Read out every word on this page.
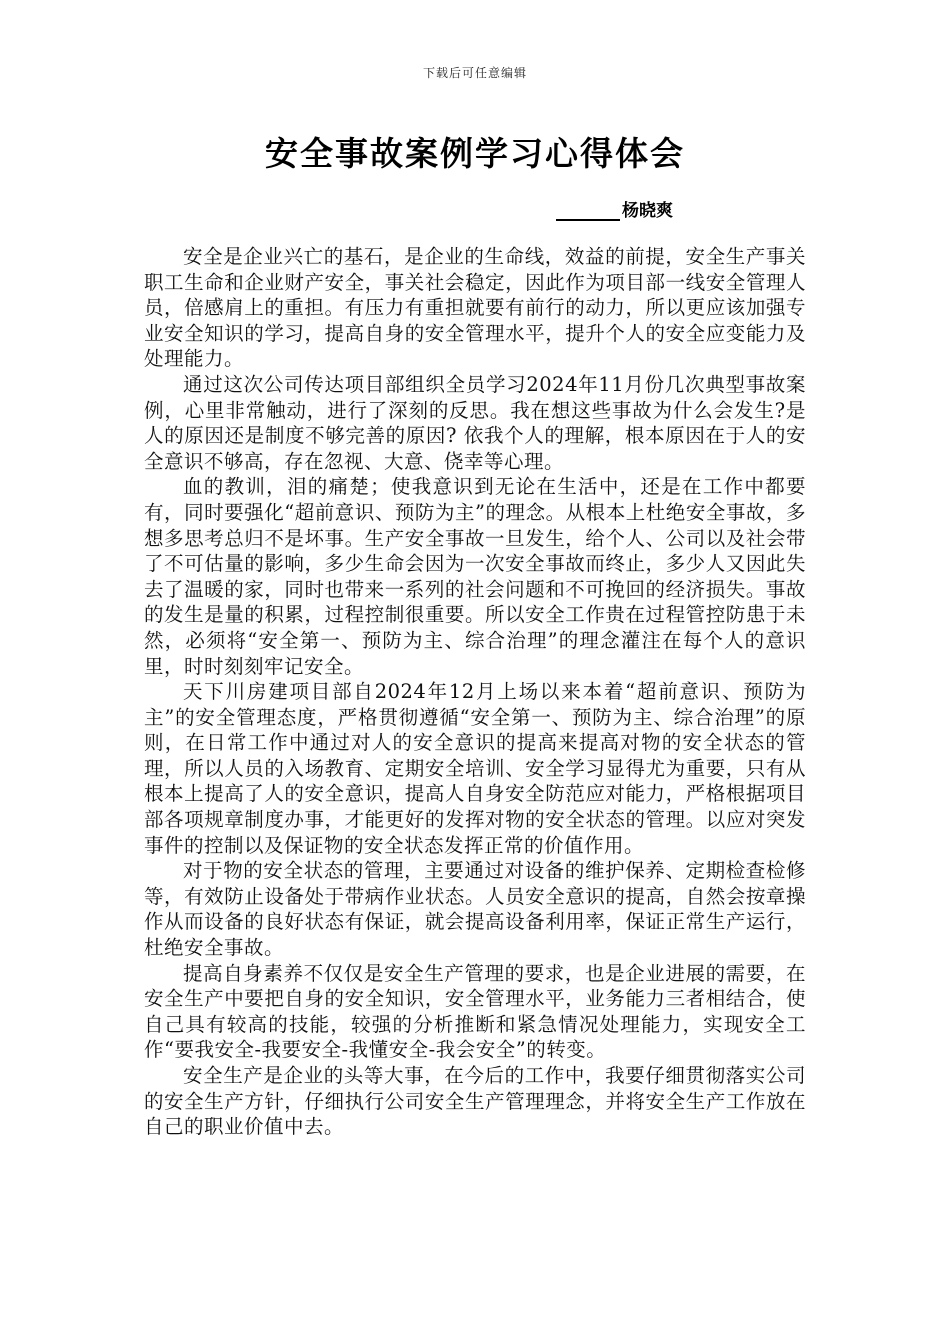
下载后可任意编辑
安全事故案例学习心得体会
杨晓爽

安全是企业兴亡的基石，是企业的生命线，效益的前提，安全生产事关职工生命和企业财产安全，事关社会稳定，因此作为项目部一线安全管理人员，倍感肩上的重担。有压力有重担就要有前行的动力，所以更应该加强专业安全知识的学习，提高自身的安全管理水平，提升个人的安全应变能力及处理能力。

通过这次公司传达项目部组织全员学习2024年11月份几次典型事故案例，心里非常触动，进行了深刻的反思。我在想这些事故为什么会发生?是人的原因还是制度不够完善的原因? 依我个人的理解，根本原因在于人的安全意识不够高，存在忽视、大意、侥幸等心理。

血的教训，泪的痛楚；使我意识到无论在生活中，还是在工作中都要有，同时要强化“超前意识、预防为主”的理念。从根本上杜绝安全事故，多想多思考总归不是坏事。生产安全事故一旦发生，给个人、公司以及社会带了不可估量的影响，多少生命会因为一次安全事故而终止，多少人又因此失去了温暖的家，同时也带来一系列的社会问题和不可挽回的经济损失。事故的发生是量的积累，过程控制很重要。所以安全工作贵在过程管控防患于未然，必须将“安全第一、预防为主、综合治理”的理念灌注在每个人的意识里，时时刻刻牢记安全。

天下川房建项目部自2024年12月上场以来本着“超前意识、预防为主”的安全管理态度，严格贯彻遵循“安全第一、预防为主、综合治理”的原则，在日常工作中通过对人的安全意识的提高来提高对物的安全状态的管理，所以人员的入场教育、定期安全培训、安全学习显得尤为重要，只有从根本上提高了人的安全意识，提高人自身安全防范应对能力，严格根据项目部各项规章制度办事，才能更好的发挥对物的安全状态的管理。以应对突发事件的控制以及保证物的安全状态发挥正常的价值作用。

对于物的安全状态的管理，主要通过对设备的维护保养、定期检查检修等，有效防止设备处于带病作业状态。人员安全意识的提高，自然会按章操作从而设备的良好状态有保证，就会提高设备利用率，保证正常生产运行，杜绝安全事故。

提高自身素养不仅仅是安全生产管理的要求，也是企业进展的需要，在安全生产中要把自身的安全知识，安全管理水平，业务能力三者相结合，使自己具有较高的技能，较强的分析推断和紧急情况处理能力，实现安全工作“要我安全-我要安全-我懂安全-我会安全”的转变。

安全生产是企业的头等大事，在今后的工作中，我要仔细贯彻落实公司的安全生产方针，仔细执行公司安全生产管理理念，并将安全生产工作放在自己的职业价值中去。
